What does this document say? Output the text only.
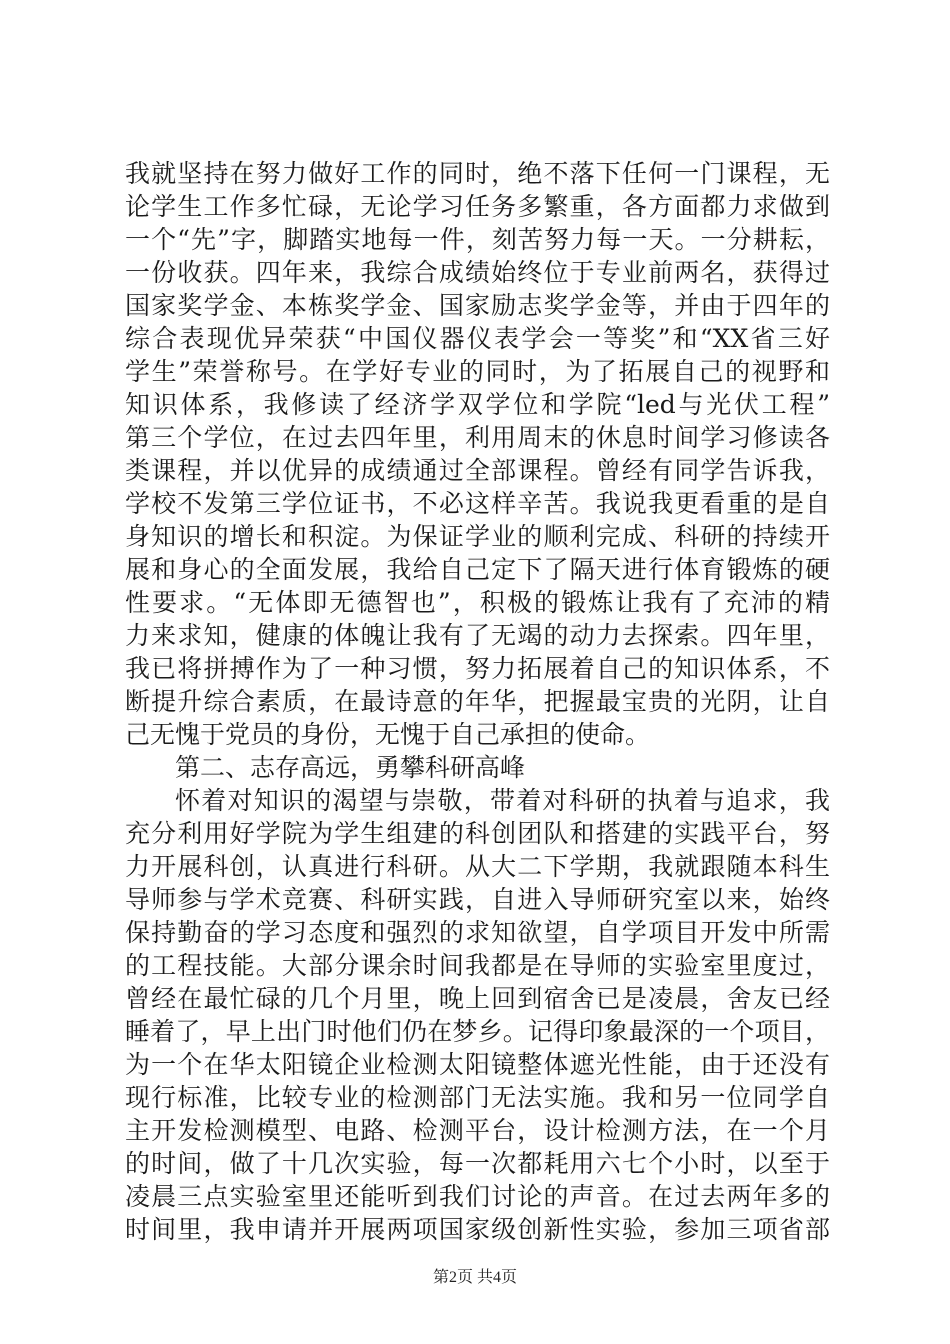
我就坚持在努力做好工作的同时，绝不落下任何一门课程，无
论学生工作多忙碌，无论学习任务多繁重，各方面都力求做到
一个“先”字，脚踏实地每一件，刻苦努力每一天。一分耕耘，
一份收获。四年来，我综合成绩始终位于专业前两名，获得过
国家奖学金、本栋奖学金、国家励志奖学金等，并由于四年的
综合表现优异荣获“中国仪器仪表学会一等奖”和“XX省三好
学生”荣誉称号。在学好专业的同时，为了拓展自己的视野和
知识体系，我修读了经济学双学位和学院“led与光伏工程”
第三个学位，在过去四年里，利用周末的休息时间学习修读各
类课程，并以优异的成绩通过全部课程。曾经有同学告诉我，
学校不发第三学位证书，不必这样辛苦。我说我更看重的是自
身知识的增长和积淀。为保证学业的顺利完成、科研的持续开
展和身心的全面发展，我给自己定下了隔天进行体育锻炼的硬
性要求。“无体即无德智也”，积极的锻炼让我有了充沛的精
力来求知，健康的体魄让我有了无竭的动力去探索。四年里，
我已将拼搏作为了一种习惯，努力拓展着自己的知识体系，不
断提升综合素质，在最诗意的年华，把握最宝贵的光阴，让自
己无愧于党员的身份，无愧于自己承担的使命。
第二、志存高远，勇攀科研高峰
怀着对知识的渴望与崇敬，带着对科研的执着与追求，我
充分利用好学院为学生组建的科创团队和搭建的实践平台，努
力开展科创，认真进行科研。从大二下学期，我就跟随本科生
导师参与学术竞赛、科研实践，自进入导师研究室以来，始终
保持勤奋的学习态度和强烈的求知欲望，自学项目开发中所需
的工程技能。大部分课余时间我都是在导师的实验室里度过，
曾经在最忙碌的几个月里，晚上回到宿舍已是凌晨，舍友已经
睡着了，早上出门时他们仍在梦乡。记得印象最深的一个项目，
为一个在华太阳镜企业检测太阳镜整体遮光性能，由于还没有
现行标准，比较专业的检测部门无法实施。我和另一位同学自
主开发检测模型、电路、检测平台，设计检测方法，在一个月
的时间，做了十几次实验，每一次都耗用六七个小时，以至于
凌晨三点实验室里还能听到我们讨论的声音。在过去两年多的
时间里，我申请并开展两项国家级创新性实验，参加三项省部
第2页 共4页
